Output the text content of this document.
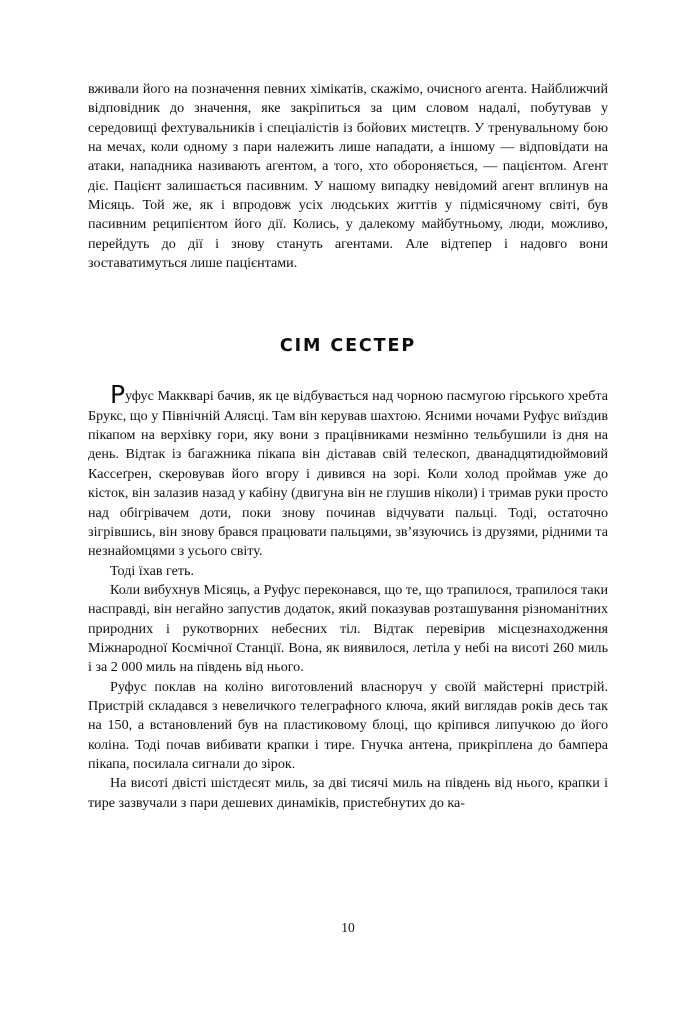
вживали його на позначення певних хімікатів, скажімо, очисного агента. Найближчий відповідник до значення, яке закріпиться за цим словом надалі, побутував у середовищі фехтувальників і спеціалістів із бойових мистецтв. У тренувальному бою на мечах, коли одному з пари належить лише нападати, а іншому — відповідати на атаки, нападника називають агентом, а того, хто обороняється, — пацієнтом. Агент діє. Пацієнт залишається пасивним. У нашому випадку невідомий агент вплинув на Місяць. Той же, як і впродовж усіх людських життів у підмісячному світі, був пасивним реципієнтом його дії. Колись, у далекому майбутньому, люди, можливо, перейдуть до дії і знову стануть агентами. Але відтепер і надовго вони зоставатимуться лише пацієнтами.

СІМ СЕСТЕР

Руфус Макквapі бачив, як це відбувається над чорною пасмугою гірського хребта Брукс, що у Північній Алясці. Там він керував шахтою. Ясними ночами Руфус виїздив пікапом на верхівку гори, яку вони з працівниками незмінно тельбушили із дня на день. Відтак із багажника пікапа він діставав свій телескоп, дванадцятидюймовий Кассеґрен, скеровував його вгору і дивився на зорі. Коли холод проймав уже до кісток, він залазив назад у кабіну (двигуна він не глушив ніколи) і тримав руки просто над обігрівачем доти, поки знову починав відчувати пальці. Тоді, остаточно зігрівшись, він знову брався працювати пальцями, зв’язуючись із друзями, рідними та незнайомцями з усього світу.

Тоді їхав геть.

Коли вибухнув Місяць, а Руфус переконався, що те, що трапилося, трапилося таки насправді, він негайно запустив додаток, який показував розташування різноманітних природних і рукотворних небесних тіл. Відтак перевірив місцезнаходження Міжнародної Космічної Станції. Вона, як виявилося, летіла у небі на висоті 260 миль і за 2 000 миль на південь від нього.

Руфус поклав на коліно виготовлений власноруч у своїй майстерні пристрій. Пристрій складався з невеличкого телеграфного ключа, який виглядав років десь так на 150, а встановлений був на пластиковому блоці, що кріпився липучкою до його коліна. Тоді почав вибивати крапки і тире. Гнучка антена, прикріплена до бампера пікапа, посилала сигнали до зірок.

На висоті двісті шістдесят миль, за дві тисячі миль на південь від нього, крапки і тире зазвучали з пари дешевих динаміків, пристебнутих до ка-

10
